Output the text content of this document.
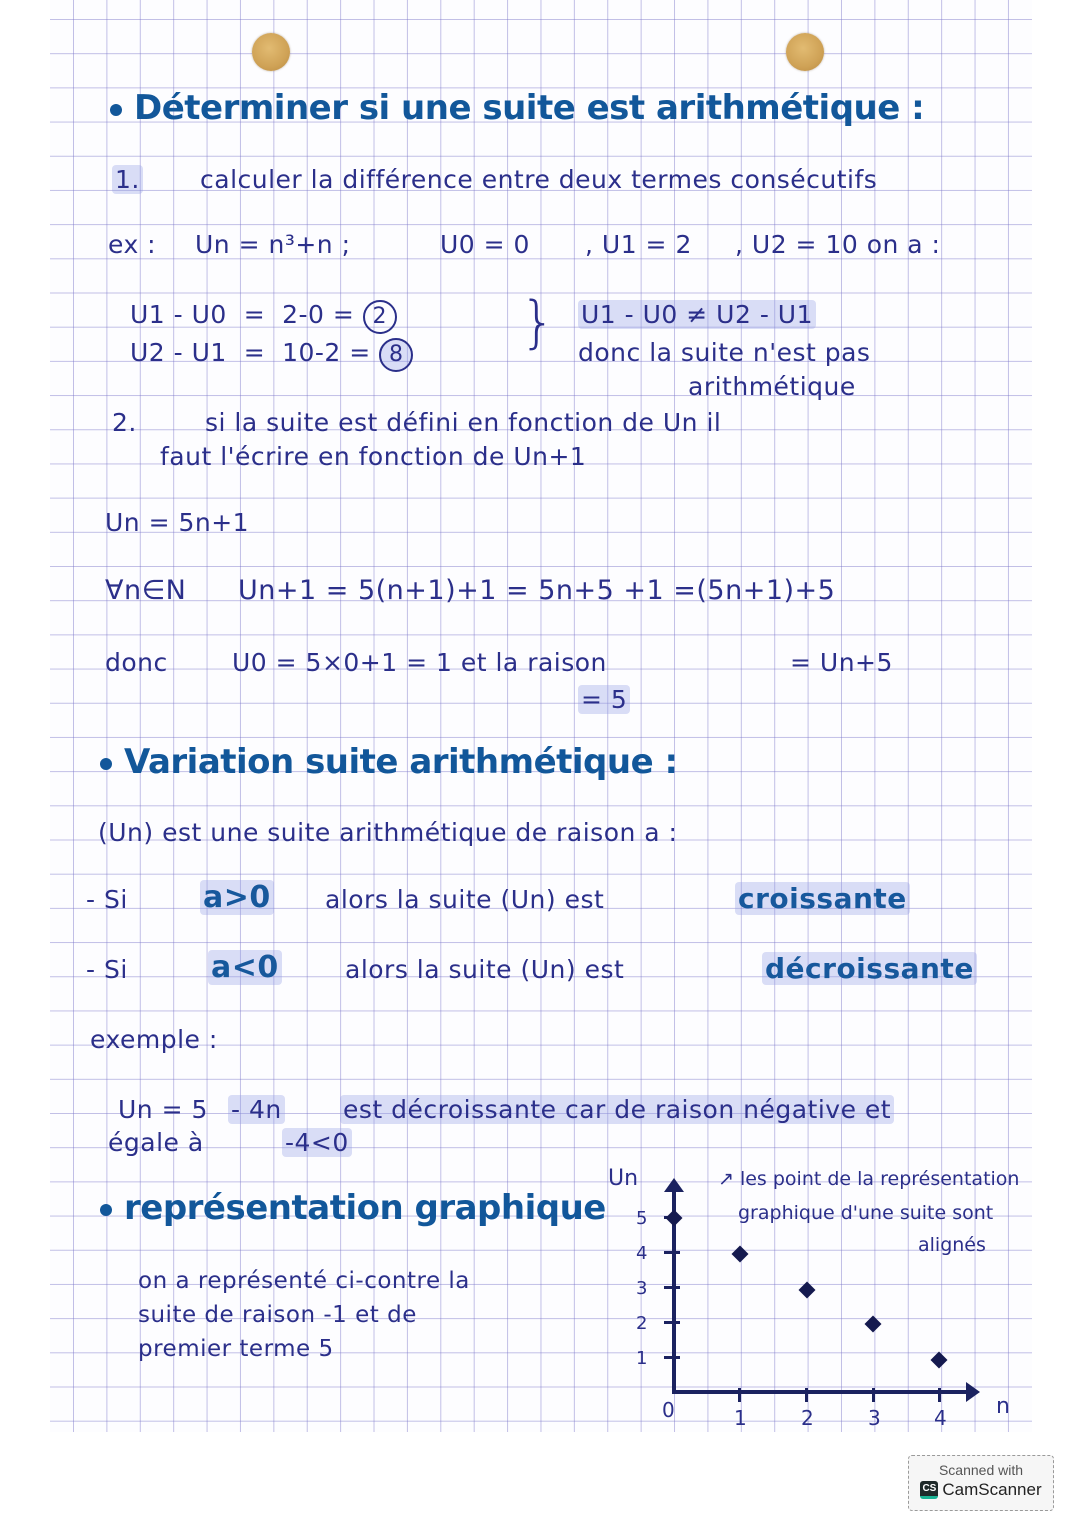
Déterminer si une suite est arithmétique :
1. calculer la différence entre deux termes consécutifs
ex : Un = n³+n ;	U0 = 0 , U1 = 2 , U2 = 10 on a :
U1 - U0 = 2-0 = 2
U2 - U1 = 10-2 = 8 } U1 - U0 ≠ U2 - U1
donc la suite n'est pas
arithmétique
2.	si la suite est défini en fonction de Un il
faut l'écrire en fonction de Un+1
Un = 5n+1
∀n∈N Un+1 = 5(n+1)+1 = 5n+5 +1 =(5n+1)+5
donc	U0 = 5×0+1 = 1 et la raison	= Un+5
= 5
Variation suite arithmétique :
(Un) est une suite arithmétique de raison a :
- Si	a>0 alors la suite (Un) est	croissante
- Si	a<0	alors la suite (Un) est	décroissante
exemple :
Un = 5 - 4n est décroissante car de raison négative et
égale à	-4<0
représentation graphique
on a représenté ci-contre la
suite de raison -1 et de
premier terme 5
Un
5
4
3
2
1
0	1	2	3	4 n
↗ les point de la représentation
graphique d'une suite sont
alignés
Scanned with
CS CamScanner
